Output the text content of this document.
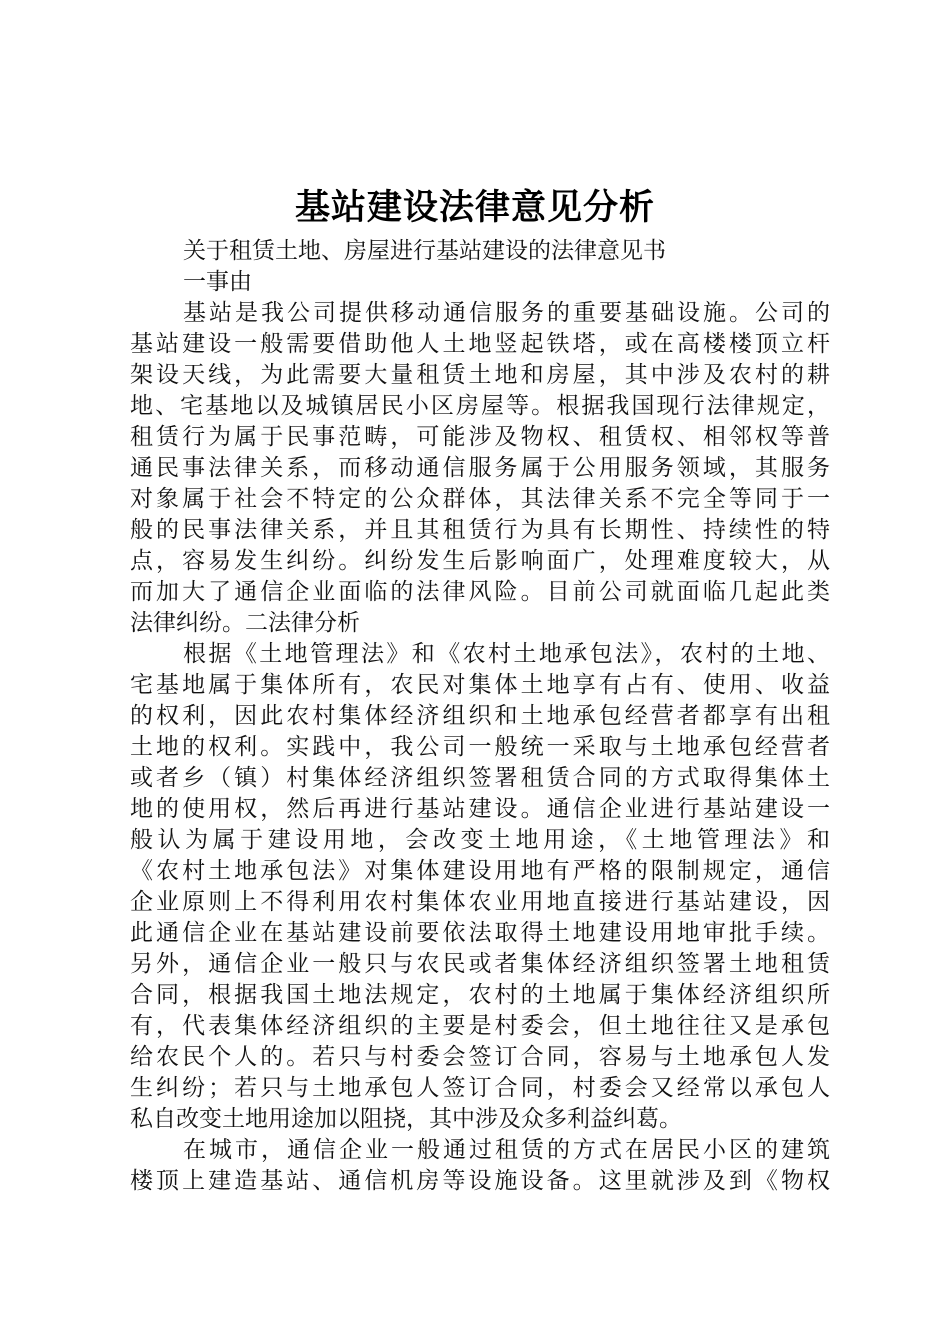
基站建设法律意见分析

关于租赁土地、房屋进行基站建设的法律意见书

一事由

基站是我公司提供移动通信服务的重要基础设施。公司的

基站建设一般需要借助他人土地竖起铁塔，或在高楼楼顶立杆

架设天线，为此需要大量租赁土地和房屋，其中涉及农村的耕

地、宅基地以及城镇居民小区房屋等。根据我国现行法律规定，

租赁行为属于民事范畴，可能涉及物权、租赁权、相邻权等普

通民事法律关系，而移动通信服务属于公用服务领域，其服务

对象属于社会不特定的公众群体，其法律关系不完全等同于一

般的民事法律关系，并且其租赁行为具有长期性、持续性的特

点，容易发生纠纷。纠纷发生后影响面广，处理难度较大，从

而加大了通信企业面临的法律风险。目前公司就面临几起此类

法律纠纷。二法律分析

根据《土地管理法》和《农村土地承包法》，农村的土地、

宅基地属于集体所有，农民对集体土地享有占有、使用、收益

的权利，因此农村集体经济组织和土地承包经营者都享有出租

土地的权利。实践中，我公司一般统一采取与土地承包经营者

或者乡（镇）村集体经济组织签署租赁合同的方式取得集体土

地的使用权，然后再进行基站建设。通信企业进行基站建设一

般认为属于建设用地，会改变土地用途，《土地管理法》和

《农村土地承包法》对集体建设用地有严格的限制规定，通信

企业原则上不得利用农村集体农业用地直接进行基站建设，因

此通信企业在基站建设前要依法取得土地建设用地审批手续。

另外，通信企业一般只与农民或者集体经济组织签署土地租赁

合同，根据我国土地法规定，农村的土地属于集体经济组织所

有，代表集体经济组织的主要是村委会，但土地往往又是承包

给农民个人的。若只与村委会签订合同，容易与土地承包人发

生纠纷；若只与土地承包人签订合同，村委会又经常以承包人

私自改变土地用途加以阻挠，其中涉及众多利益纠葛。

在城市，通信企业一般通过租赁的方式在居民小区的建筑

楼顶上建造基站、通信机房等设施设备。这里就涉及到《物权
